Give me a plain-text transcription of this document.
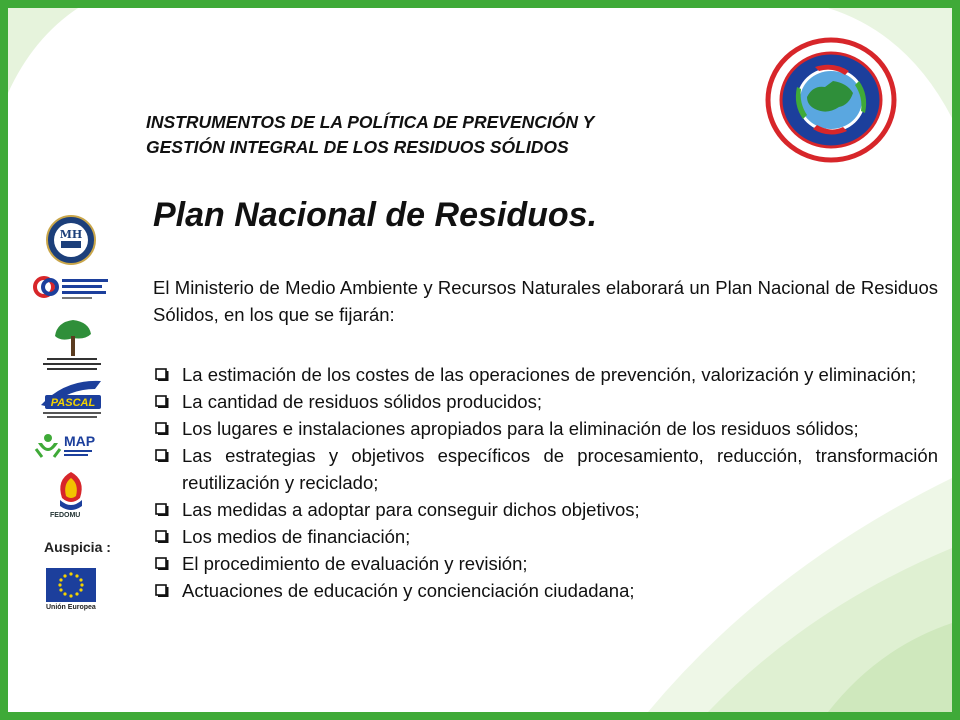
MH
PASCAL
MAP
FEDOMU
Auspicia :
Unión Europea
INSTRUMENTOS DE LA POLÍTICA DE PREVENCIÓN Y
GESTIÓN INTEGRAL DE LOS RESIDUOS SÓLIDOS
Plan Nacional de Residuos.

El Ministerio de Medio Ambiente y Recursos Naturales elaborará un Plan Nacional de Residuos Sólidos, en los que se fijarán:

La estimación de los costes de las operaciones de prevención, valorización y eliminación;
La cantidad de residuos sólidos producidos;
Los lugares e instalaciones apropiados para la eliminación de los residuos sólidos;
Las estrategias y objetivos específicos de procesamiento, reducción, transformación reutilización y reciclado;
Las medidas a adoptar para conseguir dichos objetivos;
Los medios de financiación;
El procedimiento de evaluación y revisión;
Actuaciones de educación y concienciación ciudadana;
